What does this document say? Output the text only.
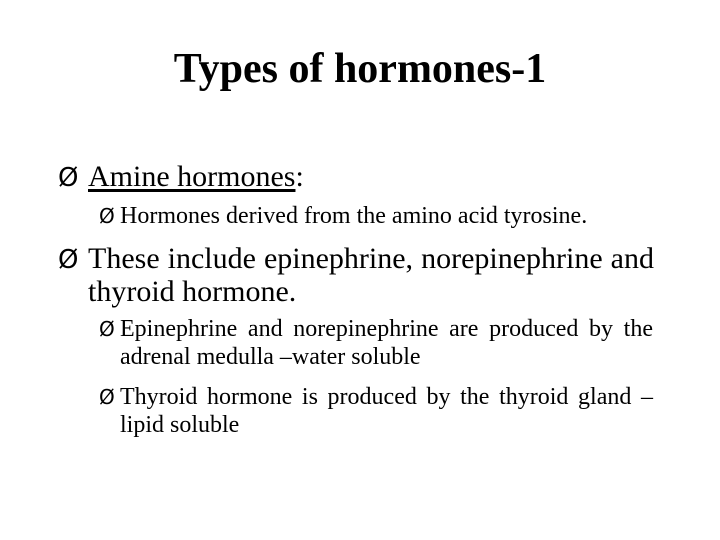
Types of hormones-1
Ø Amine hormones:
Ø Hormones derived from the amino acid tyrosine.
Ø These include epinephrine, norepinephrine and thyroid hormone.
Ø Epinephrine and norepinephrine are produced by the adrenal medulla –water soluble
Ø Thyroid hormone is produced by the thyroid gland –lipid soluble
